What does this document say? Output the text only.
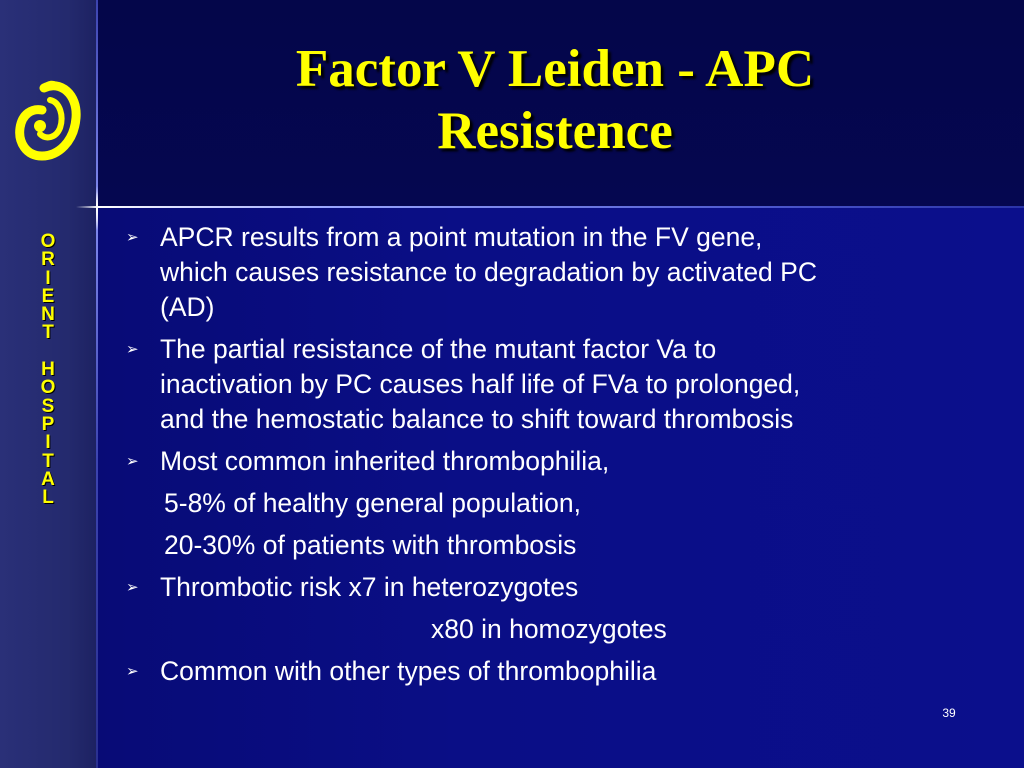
O
R
I
E
N
T
H
O
S
P
I
T
A
L
Factor V Leiden - APC
Resistence
➢ APCR results from a point mutation in the FV gene,
which causes resistance to degradation by activated PC
(AD)
➢ The partial resistance of the mutant factor Va to
inactivation by PC causes half life of FVa to prolonged,
and the hemostatic balance to shift toward thrombosis
➢ Most common inherited thrombophilia,
5-8% of healthy general population,
20-30% of patients with thrombosis
➢ Thrombotic risk x7 in heterozygotes
x80 in homozygotes
➢ Common with other types of thrombophilia
39
